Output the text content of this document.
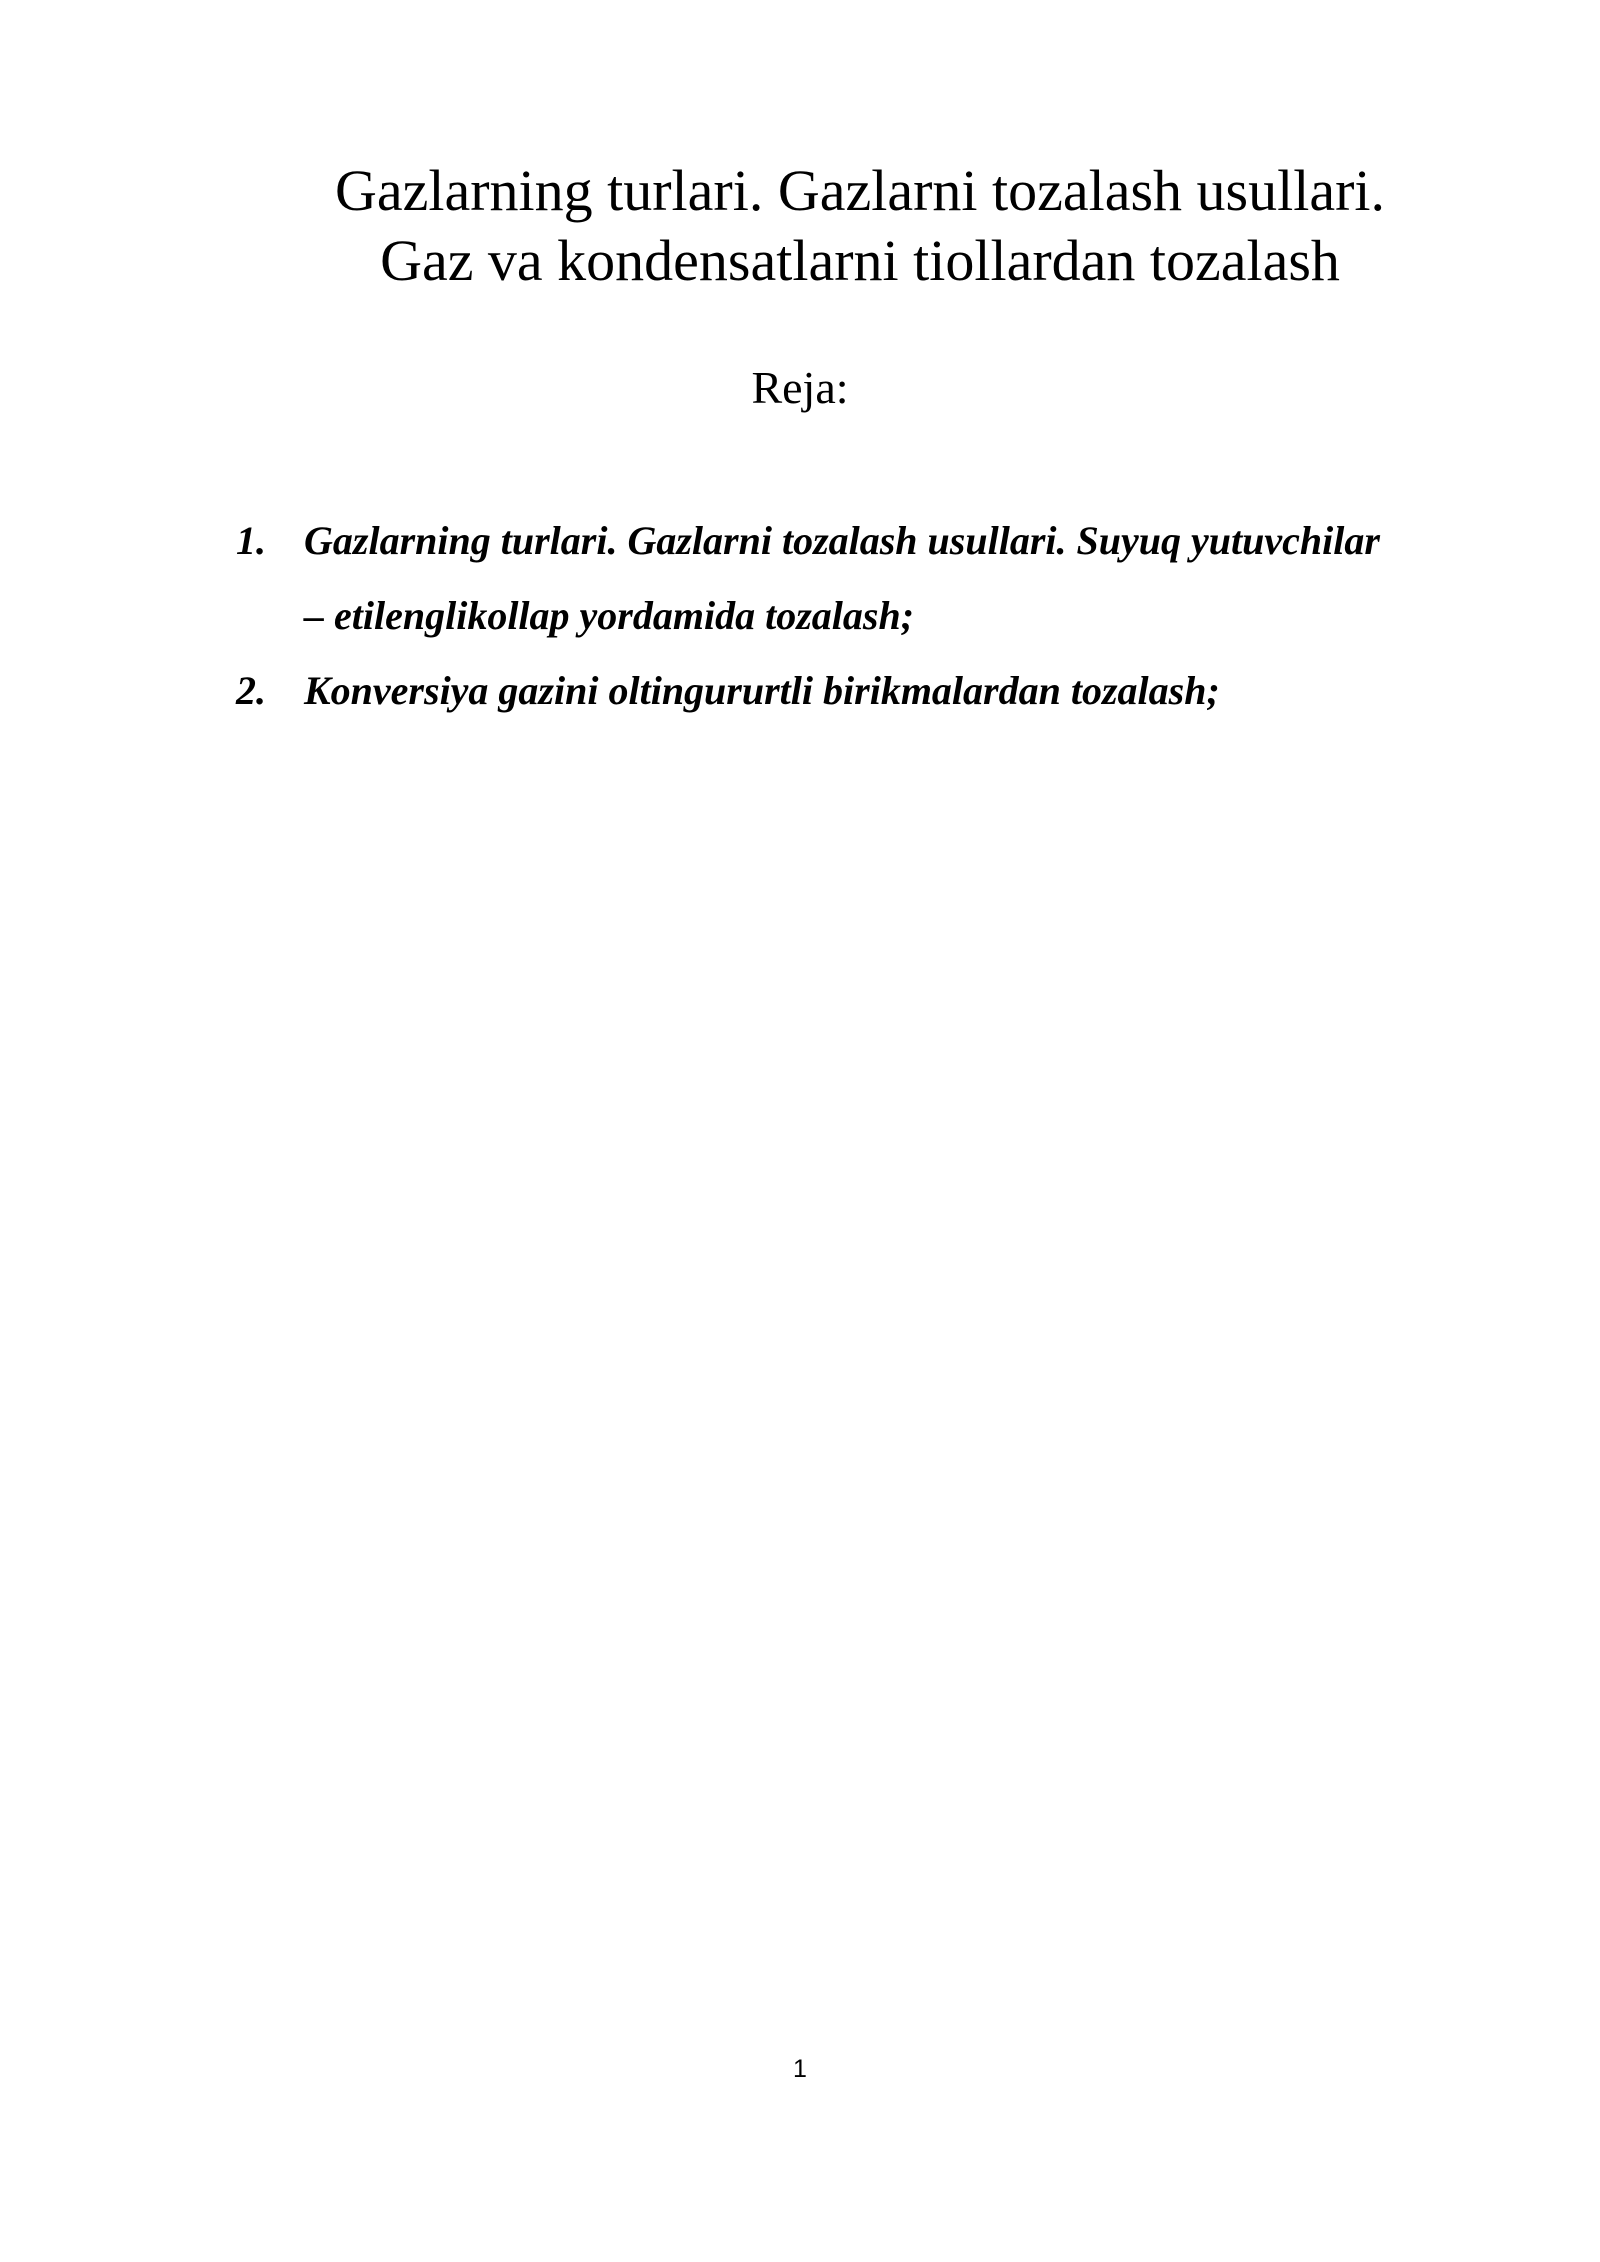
Gazlarning turlari. Gazlarni tozalash usullari.
Gaz va kondensatlarni tiollardan tozalash
Reja:
1. Gazlarning turlari. Gazlarni tozalash usullari. Suyuq yutuvchilar
– etilenglikollap yordamida tozalash;
2. Konversiya gazini oltingururtli birikmalardan tozalash;
1
